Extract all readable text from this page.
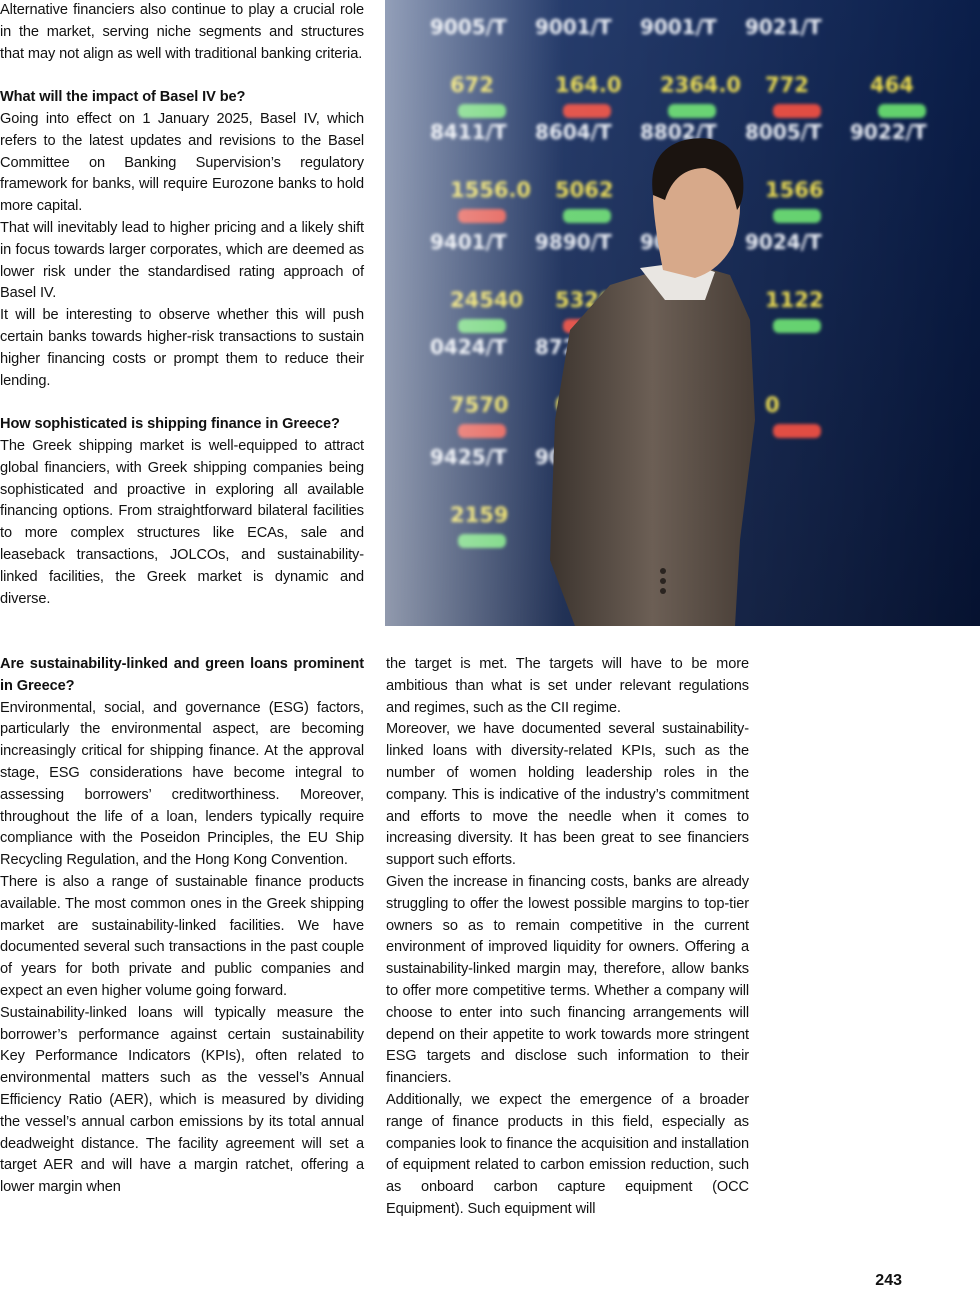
Alternative financiers also continue to play a crucial role in the market, serving niche segments and structures that may not align as well with traditional banking criteria.

What will the impact of Basel IV be?

Going into effect on 1 January 2025, Basel IV, which refers to the latest updates and revisions to the Basel Committee on Banking Supervision’s regulatory framework for banks, will require Eurozone banks to hold more capital.

That will inevitably lead to higher pricing and a likely shift in focus towards larger corporates, which are deemed as lower risk under the standardised rating approach of Basel IV.

It will be interesting to observe whether this will push certain banks towards higher-risk transactions to sustain higher financing costs or prompt them to reduce their lending.

How sophisticated is shipping finance in Greece?

The Greek shipping market is well-equipped to attract global financiers, with Greek shipping companies being sophisticated and proactive in exploring all available financing options. From straightforward bilateral facilities to more complex structures like ECAs, sale and leaseback transactions, JOLCOs, and sustainability-linked facilities, the Greek market is dynamic and diverse.

Are sustainability-linked and green loans prominent in Greece?

Environmental, social, and governance (ESG) factors, particularly the environmental aspect, are becoming increasingly critical for shipping finance. At the approval stage, ESG considerations have become integral to assessing borrowers’ creditworthiness. Moreover, throughout the life of a loan, lenders typically require compliance with the Poseidon Principles, the EU Ship Recycling Regulation, and the Hong Kong Convention.

There is also a range of sustainable finance products available. The most common ones in the Greek shipping market are sustainability-linked facilities. We have documented several such transactions in the past couple of years for both private and public companies and expect an even higher volume going forward.

Sustainability-linked loans will typically measure the borrower’s performance against certain sustainability Key Performance Indicators (KPIs), often related to environmental matters such as the vessel’s Annual Efficiency Ratio (AER), which is measured by dividing the vessel’s annual carbon emissions by its total annual deadweight distance. The facility agreement will set a target AER and will have a margin ratchet, offering a lower margin when

the target is met. The targets will have to be more ambitious than what is set under relevant regulations and regimes, such as the CII regime.

Moreover, we have documented several sustainability-linked loans with diversity-related KPIs, such as the number of women holding leadership roles in the company. This is indicative of the industry’s commitment and efforts to move the needle when it comes to increasing diversity. It has been great to see financiers support such efforts.

Given the increase in financing costs, banks are already struggling to offer the lowest possible margins to top-tier owners so as to remain competitive in the current environment of improved liquidity for owners. Offering a sustainability-linked margin may, therefore, allow banks to offer more competitive terms. Whether a company will choose to enter into such financing arrangements will depend on their appetite to work towards more stringent ESG targets and disclose such information to their financiers.

Additionally, we expect the emergence of a broader range of finance products in this field, especially as companies look to finance the acquisition and installation of equipment related to carbon emission reduction, such as onboard carbon capture equipment (OCC Equipment). Such equipment will

243
